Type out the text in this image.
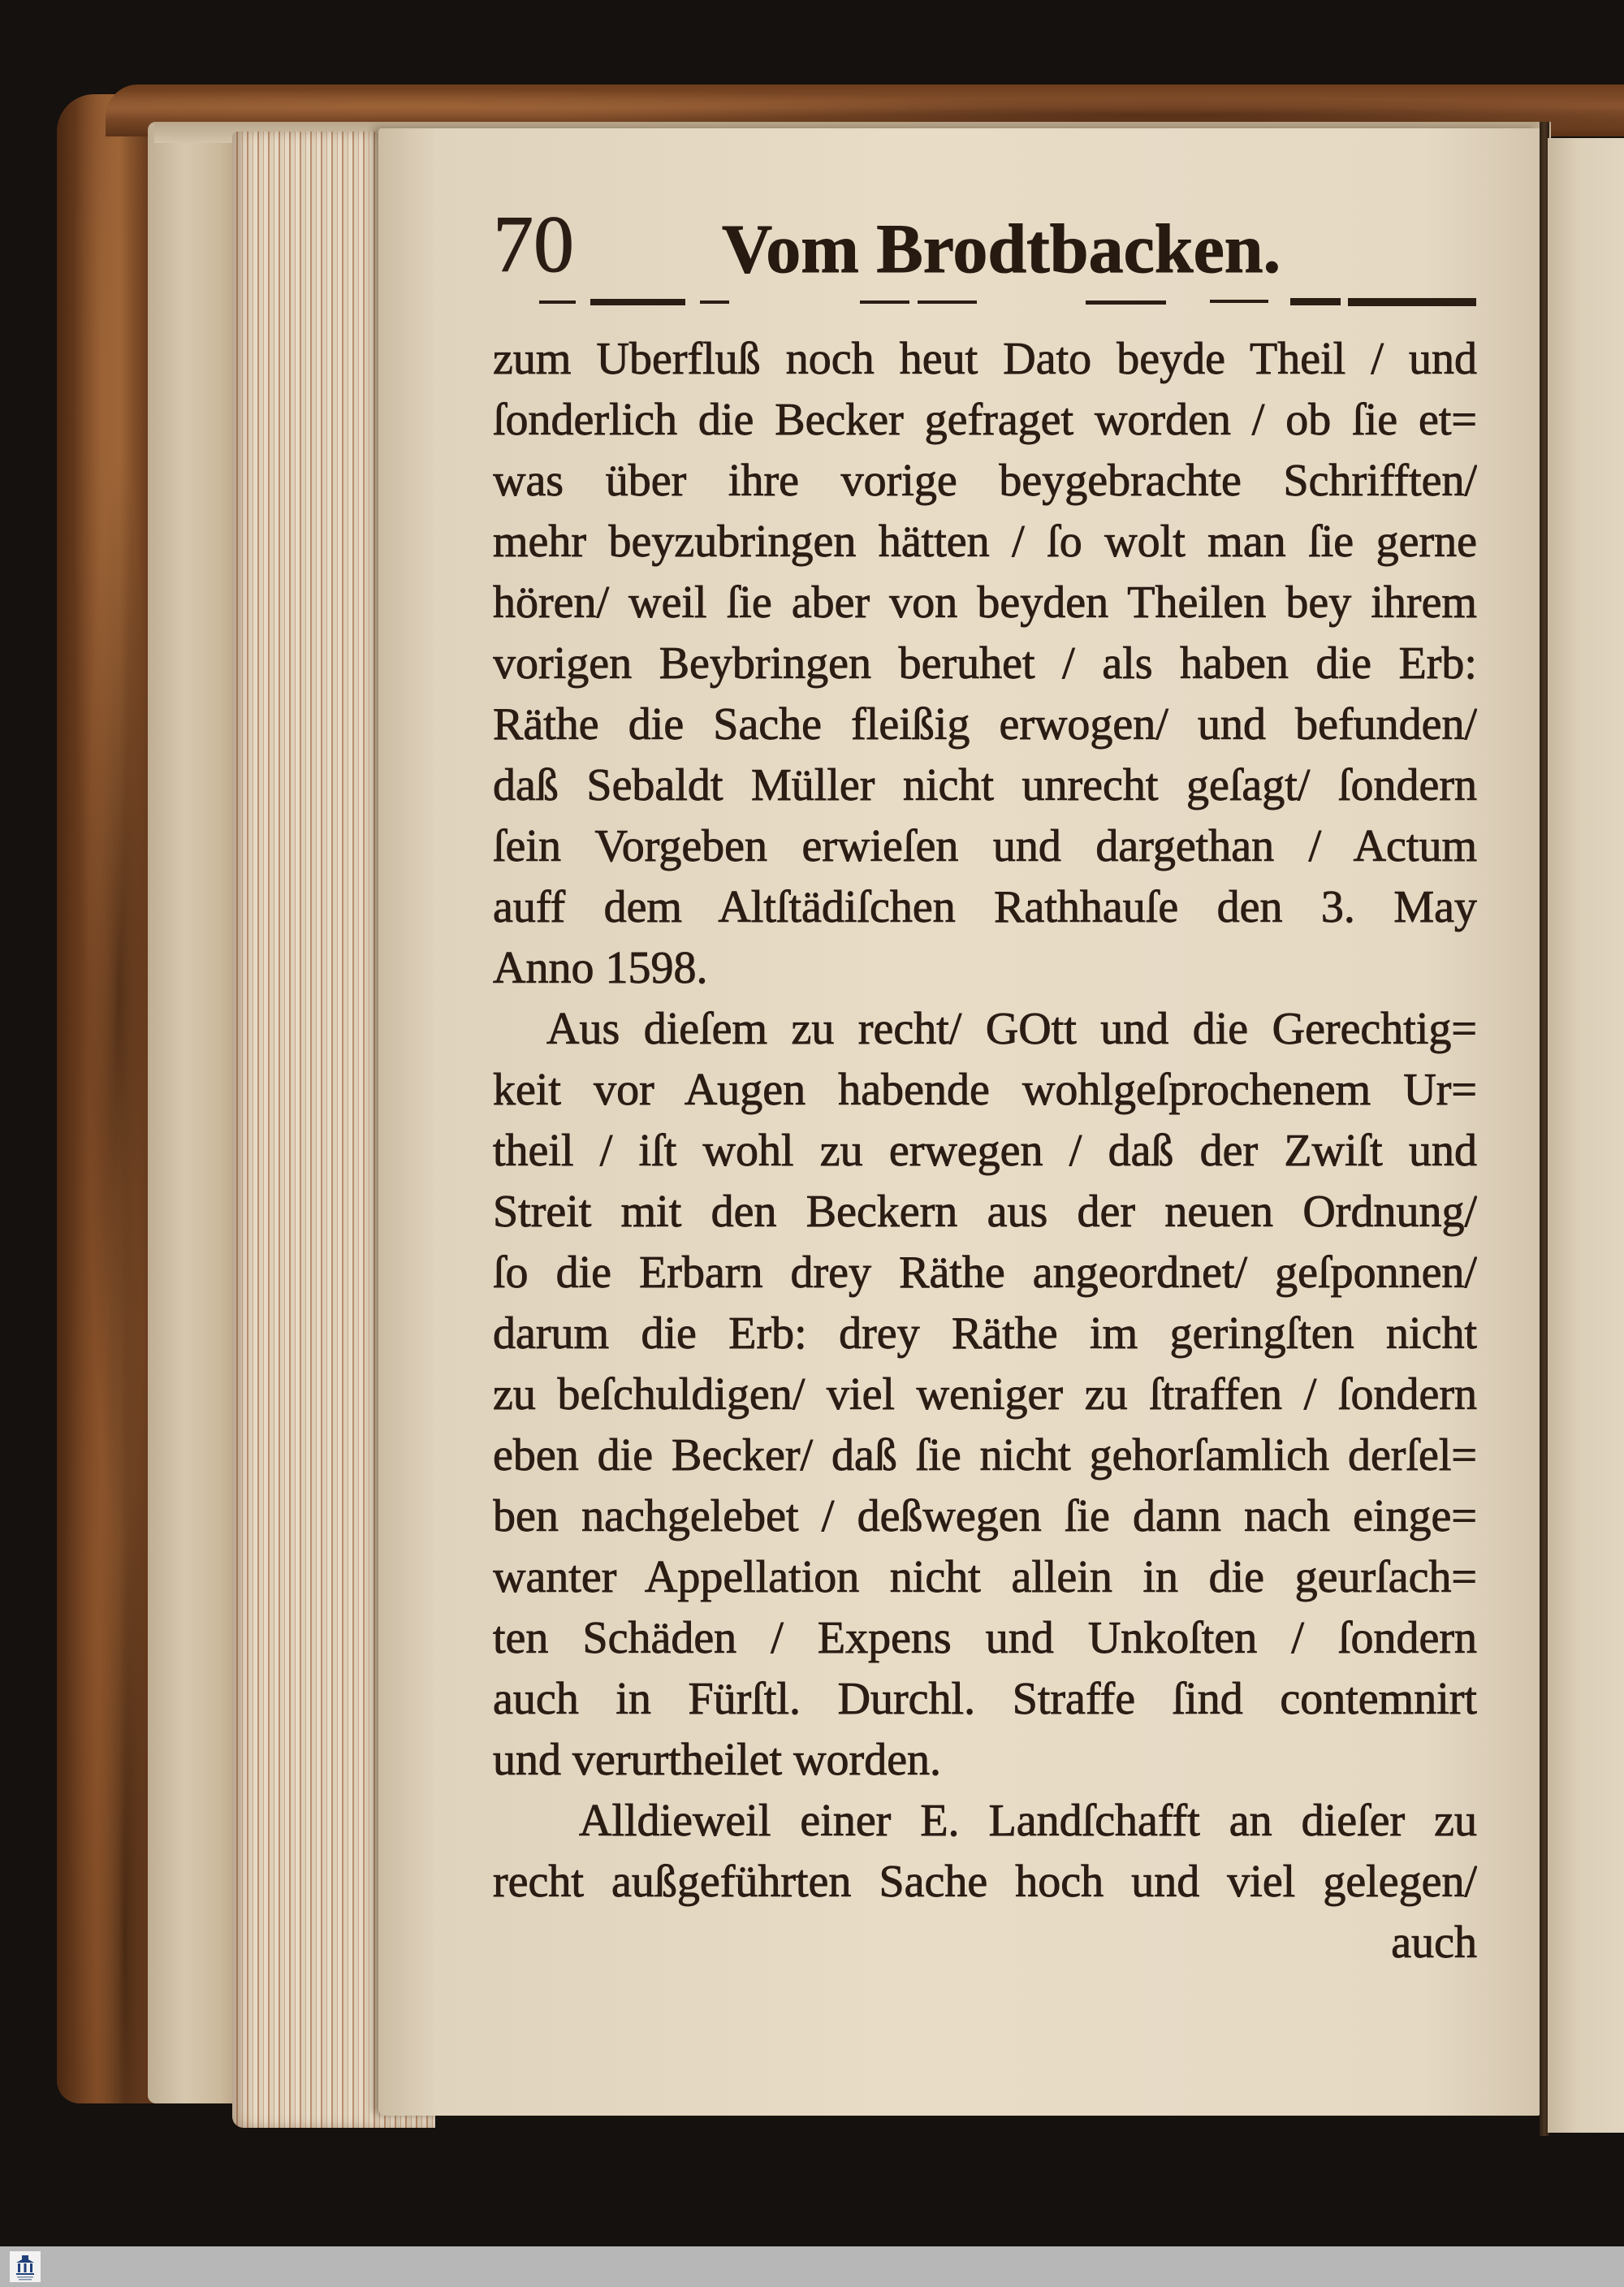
70 Vom Brodtbacken.
zum Uberfluß noch heut Dato beyde Theil / und
ſonderlich die Becker gefraget worden / ob ſie et=
was über ihre vorige beygebrachte Schrifften/
mehr beyzubringen hätten / ſo wolt man ſie gerne
hören/ weil ſie aber von beyden Theilen bey ihrem
vorigen Beybringen beruhet / als haben die Erb:
Räthe die Sache fleißig erwogen/ und befunden/
daß Sebaldt Müller nicht unrecht geſagt/ ſondern
ſein Vorgeben erwieſen und dargethan / Actum
auff dem Altſtädiſchen Rathhauſe den 3. May
Anno 1598.
Aus dieſem zu recht/ GOtt und die Gerechtig=
keit vor Augen habende wohlgeſprochenem Ur=
theil / iſt wohl zu erwegen / daß der Zwiſt und
Streit mit den Beckern aus der neuen Ordnung/
ſo die Erbarn drey Räthe angeordnet/ geſponnen/
darum die Erb: drey Räthe im geringſten nicht
zu beſchuldigen/ viel weniger zu ſtraffen / ſondern
eben die Becker/ daß ſie nicht gehorſamlich derſel=
ben nachgelebet / deßwegen ſie dann nach einge=
wanter Appellation nicht allein in die geurſach=
ten Schäden / Expens und Unkoſten / ſondern
auch in Fürſtl. Durchl. Straffe ſind contemnirt
und verurtheilet worden.
Alldieweil einer E. Landſchafft an dieſer zu
recht außgeführten Sache hoch und viel gelegen/
auch
